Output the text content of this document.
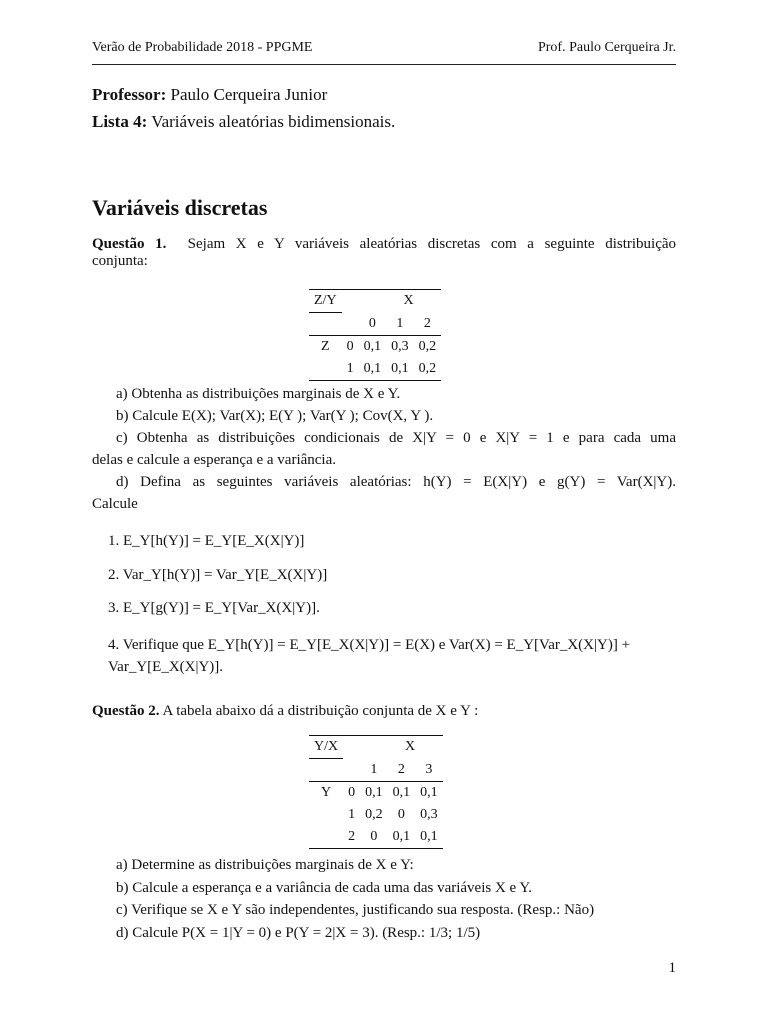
Verão de Probabilidade 2018 - PPGME	Prof. Paulo Cerqueira Jr.
Professor: Paulo Cerqueira Junior
Lista 4: Variáveis aleatórias bidimensionais.
Variáveis discretas
Questão 1. Sejam X e Y variáveis aleatórias discretas com a seguinte distribuição
conjunta:
Z/Y		X		
		0	1	2
Z	0	0,1	0,3	0,2
	1	0,1	0,1	0,2
a) Obtenha as distribuições marginais de X e Y.
b) Calcule E(X); Var(X); E(Y ); Var(Y ); Cov(X, Y ).
c) Obtenha as distribuições condicionais de X|Y = 0 e X|Y = 1 e para cada uma
delas e calcule a esperança e a variância.
d) Defina as seguintes variáveis aleatórias: h(Y) = E(X|Y) e g(Y) = Var(X|Y).
Calcule
1. E_Y[h(Y)] = E_Y[E_X(X|Y)]
2. Var_Y[h(Y)] = Var_Y[E_X(X|Y)]
3. E_Y[g(Y)] = E_Y[Var_X(X|Y)].
4. Verifique que E_Y[h(Y)] = E_Y[E_X(X|Y)] = E(X) e Var(X) = E_Y[Var_X(X|Y)] + Var_Y[E_X(X|Y)].
Questão 2. A tabela abaixo dá a distribuição conjunta de X e Y :
Y/X		X		
		1	2	3
Y	0	0,1	0,1	0,1
	1	0,2	0	0,3
	2	0	0,1	0,1
a) Determine as distribuições marginais de X e Y:
b) Calcule a esperança e a variância de cada uma das variáveis X e Y.
c) Verifique se X e Y são independentes, justificando sua resposta. (Resp.: Não)
d) Calcule P(X = 1|Y = 0) e P(Y = 2|X = 3). (Resp.: 1/3; 1/5)
1
